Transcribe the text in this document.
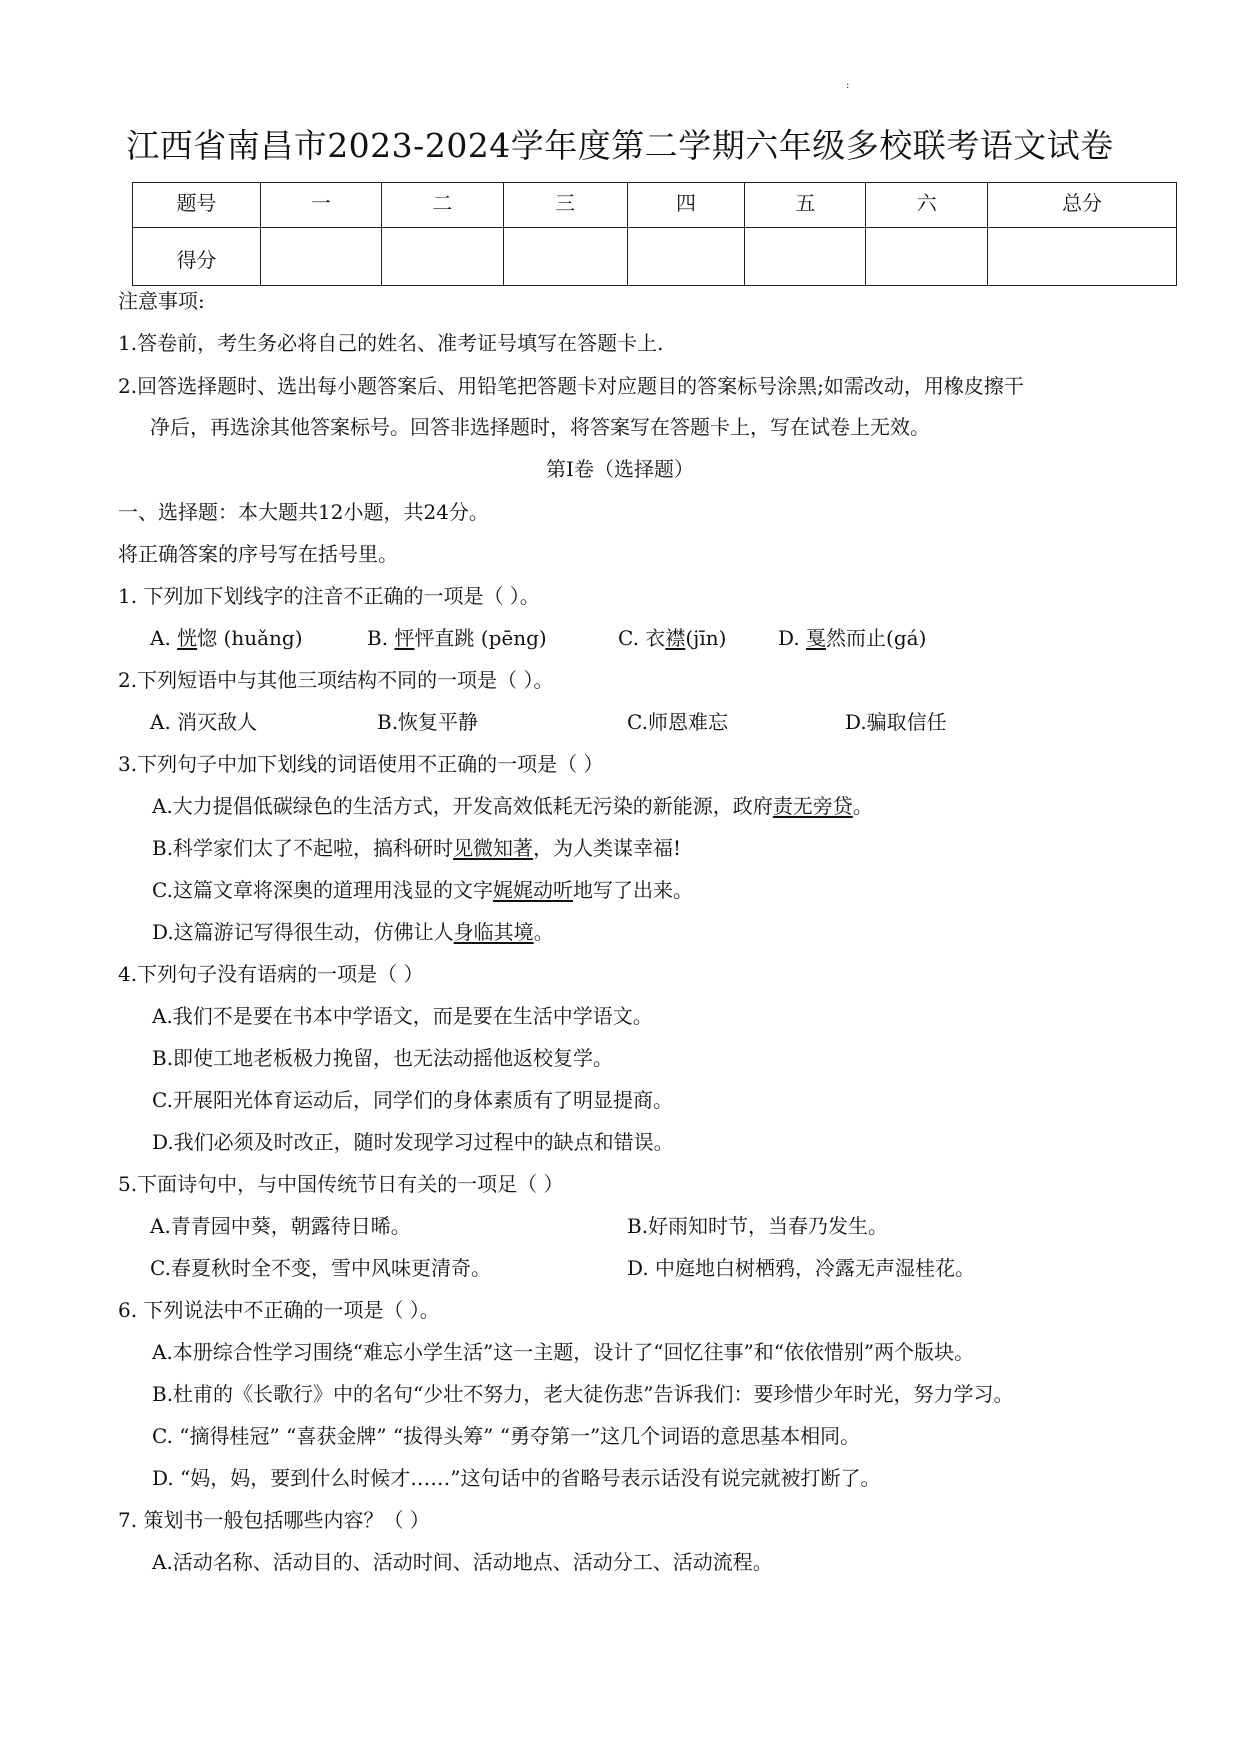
:
江西省南昌市2023-2024学年度第二学期六年级多校联考语文试卷
题号	一	二	三	四	五	六	总分
得分							
注意事项:
1.答卷前，考生务必将自己的姓名、准考证号填写在答题卡上.
2.回答选择题时、选出每小题答案后、用铅笔把答题卡对应题目的答案标号涂黑;如需改动，用橡皮擦干
净后，再选涂其他答案标号。回答非选择题时，将答案写在答题卡上，写在试卷上无效。
第Ⅰ卷（选择题）
一、选择题：本大题共12小题，共24分。
将正确答案的序号写在括号里。
1. 下列加下划线字的注音不正确的一项是（ ）。
A. 恍惚 (huǎng)	B. 怦怦直跳 (pēng)	C. 衣襟(jīn)	D. 戛然而止(gá)
2.下列短语中与其他三项结构不同的一项是（ ）。
A. 消灭敌人	B.恢复平静	C.师恩难忘	D.骗取信任
3.下列句子中加下划线的词语使用不正确的一项是（ ）
A.大力提倡低碳绿色的生活方式，开发高效低耗无污染的新能源，政府责无旁贷。
B.科学家们太了不起啦，搞科研时见微知著，为人类谋幸福!
C.这篇文章将深奥的道理用浅显的文字娓娓动听地写了出来。
D.这篇游记写得很生动，仿佛让人身临其境。
4.下列句子没有语病的一项是（ ）
A.我们不是要在书本中学语文，而是要在生活中学语文。
B.即使工地老板极力挽留，也无法动摇他返校复学。
C.开展阳光体育运动后，同学们的身体素质有了明显提商。
D.我们必须及时改正，随时发现学习过程中的缺点和错误。
5.下面诗句中，与中国传统节日有关的一项足（ ）
A.青青园中葵，朝露待日晞。	B.好雨知时节，当春乃发生。
C.春夏秋时全不变，雪中风味更清奇。	D. 中庭地白树栖鸦，冷露无声湿桂花。
6. 下列说法中不正确的一项是（ ）。
A.本册综合性学习围绕“难忘小学生活”这一主题，设计了“回忆往事”和“依依惜别”两个版块。
B.杜甫的《长歌行》中的名句“少壮不努力，老大徒伤悲”告诉我们：要珍惜少年时光，努力学习。
C. “摘得桂冠” “喜获金牌” “拔得头筹” “勇夺第一”这几个词语的意思基本相同。
D. “妈，妈，要到什么时候才……”这句话中的省略号表示话没有说完就被打断了。
7. 策划书一般包括哪些内容？（ ）
A.活动名称、活动目的、活动时间、活动地点、活动分工、活动流程。
